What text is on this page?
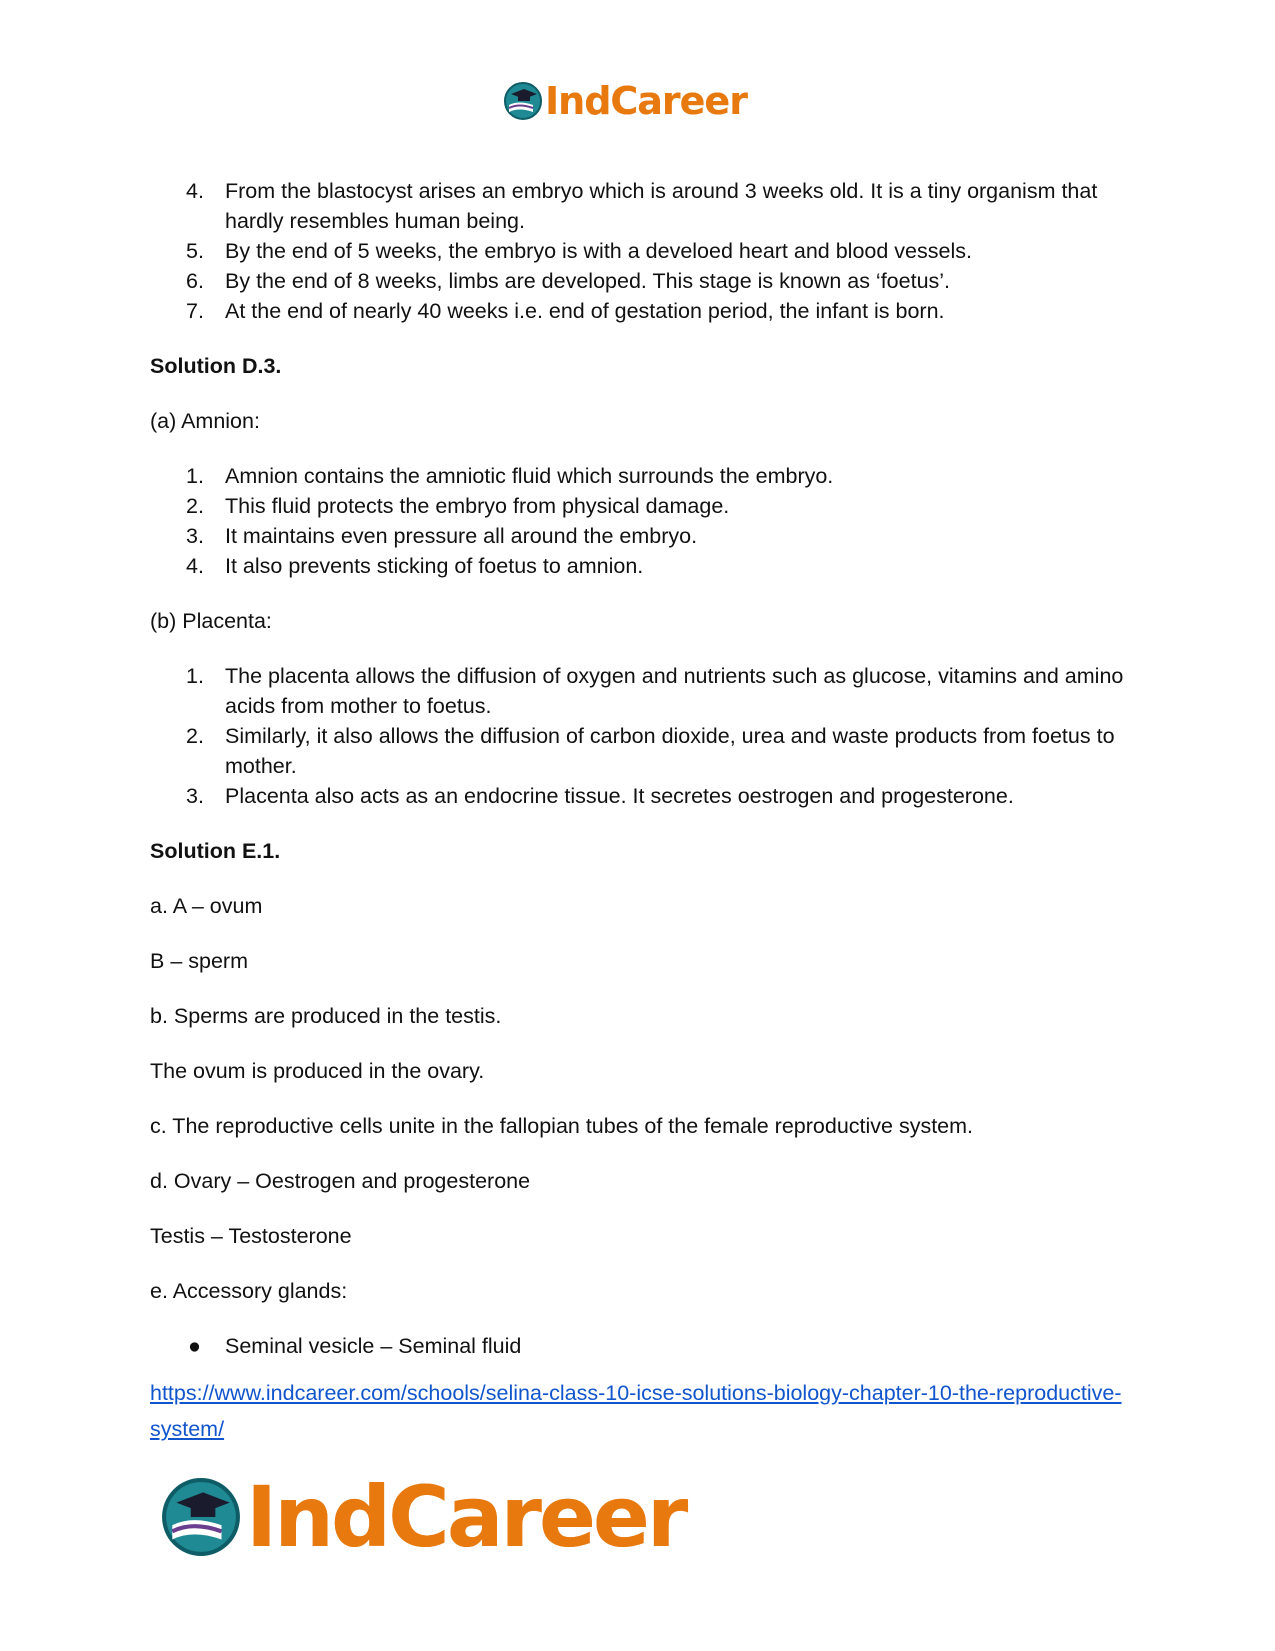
IndCareer
4. From the blastocyst arises an embryo which is around 3 weeks old. It is a tiny organism that hardly resembles human being.
5. By the end of 5 weeks, the embryo is with a develoed heart and blood vessels.
6. By the end of 8 weeks, limbs are developed. This stage is known as ‘foetus’.
7. At the end of nearly 40 weeks i.e. end of gestation period, the infant is born.

Solution D.3.

(a) Amnion:

1. Amnion contains the amniotic fluid which surrounds the embryo.
2. This fluid protects the embryo from physical damage.
3. It maintains even pressure all around the embryo.
4. It also prevents sticking of foetus to amnion.

(b) Placenta:

1. The placenta allows the diffusion of oxygen and nutrients such as glucose, vitamins and amino acids from mother to foetus.
2. Similarly, it also allows the diffusion of carbon dioxide, urea and waste products from foetus to mother.
3. Placenta also acts as an endocrine tissue. It secretes oestrogen and progesterone.

Solution E.1.

a. A – ovum

B – sperm

b. Sperms are produced in the testis.

The ovum is produced in the ovary.

c. The reproductive cells unite in the fallopian tubes of the female reproductive system.

d. Ovary – Oestrogen and progesterone

Testis – Testosterone

e. Accessory glands:

● Seminal vesicle – Seminal fluid
https://www.indcareer.com/schools/selina-class-10-icse-solutions-biology-chapter-10-the-reproductive-system/
IndCareer
